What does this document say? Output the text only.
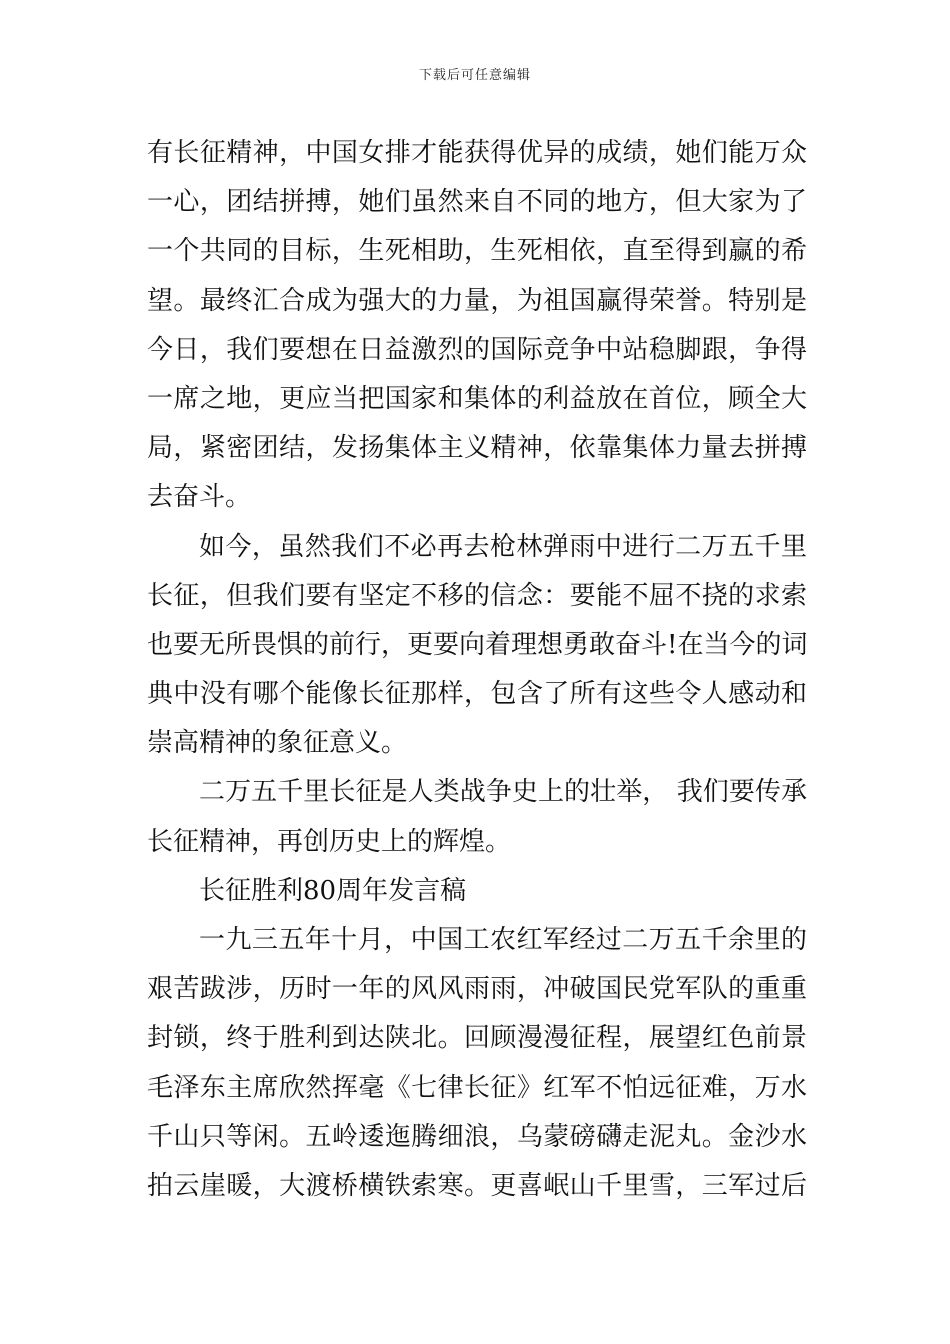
下载后可任意编辑
有长征精神，中国女排才能获得优异的成绩，她们能万众
一心，团结拼搏，她们虽然来自不同的地方，但大家为了
一个共同的目标，生死相助，生死相依，直至得到赢的希
望。最终汇合成为强大的力量，为祖国赢得荣誉。特别是
今日，我们要想在日益激烈的国际竞争中站稳脚跟，争得
一席之地，更应当把国家和集体的利益放在首位，顾全大
局，紧密团结，发扬集体主义精神，依靠集体力量去拼搏
去奋斗。
如今，虽然我们不必再去枪林弹雨中进行二万五千里
长征，但我们要有坚定不移的信念：要能不屈不挠的求索
也要无所畏惧的前行，更要向着理想勇敢奋斗!在当今的词
典中没有哪个能像长征那样，包含了所有这些令人感动和
崇高精神的象征意义。
二万五千里长征是人类战争史上的壮举， 我们要传承
长征精神，再创历史上的辉煌。
长征胜利80周年发言稿
一九三五年十月，中国工农红军经过二万五千余里的
艰苦跋涉，历时一年的风风雨雨，冲破国民党军队的重重
封锁，终于胜利到达陕北。回顾漫漫征程，展望红色前景
毛泽东主席欣然挥毫《七律长征》红军不怕远征难，万水
千山只等闲。五岭逶迤腾细浪，乌蒙磅礴走泥丸。金沙水
拍云崖暖，大渡桥横铁索寒。更喜岷山千里雪，三军过后
